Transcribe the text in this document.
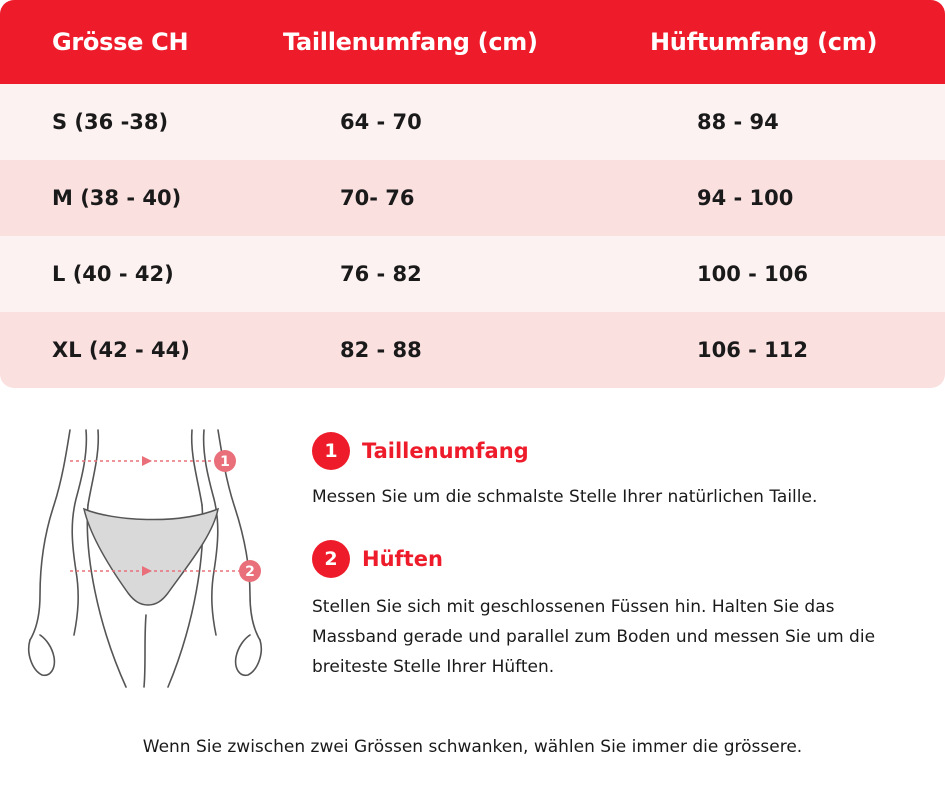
Grösse CH	Taillenumfang (cm)	Hüftumfang (cm)
S (36 -38)	64 - 70	88 - 94
M (38 - 40)	70- 76	94 - 100
L (40 - 42)	76 - 82	100 - 106
XL (42 - 44)	82 - 88	106 - 112
1
2
1	Taillenumfang
Messen Sie um die schmalste Stelle Ihrer natürlichen Taille.
2	Hüften
Stellen Sie sich mit geschlossenen Füssen hin. Halten Sie das Massband gerade und parallel zum Boden und messen Sie um die breiteste Stelle Ihrer Hüften.
Wenn Sie zwischen zwei Grössen schwanken, wählen Sie immer die grössere.
